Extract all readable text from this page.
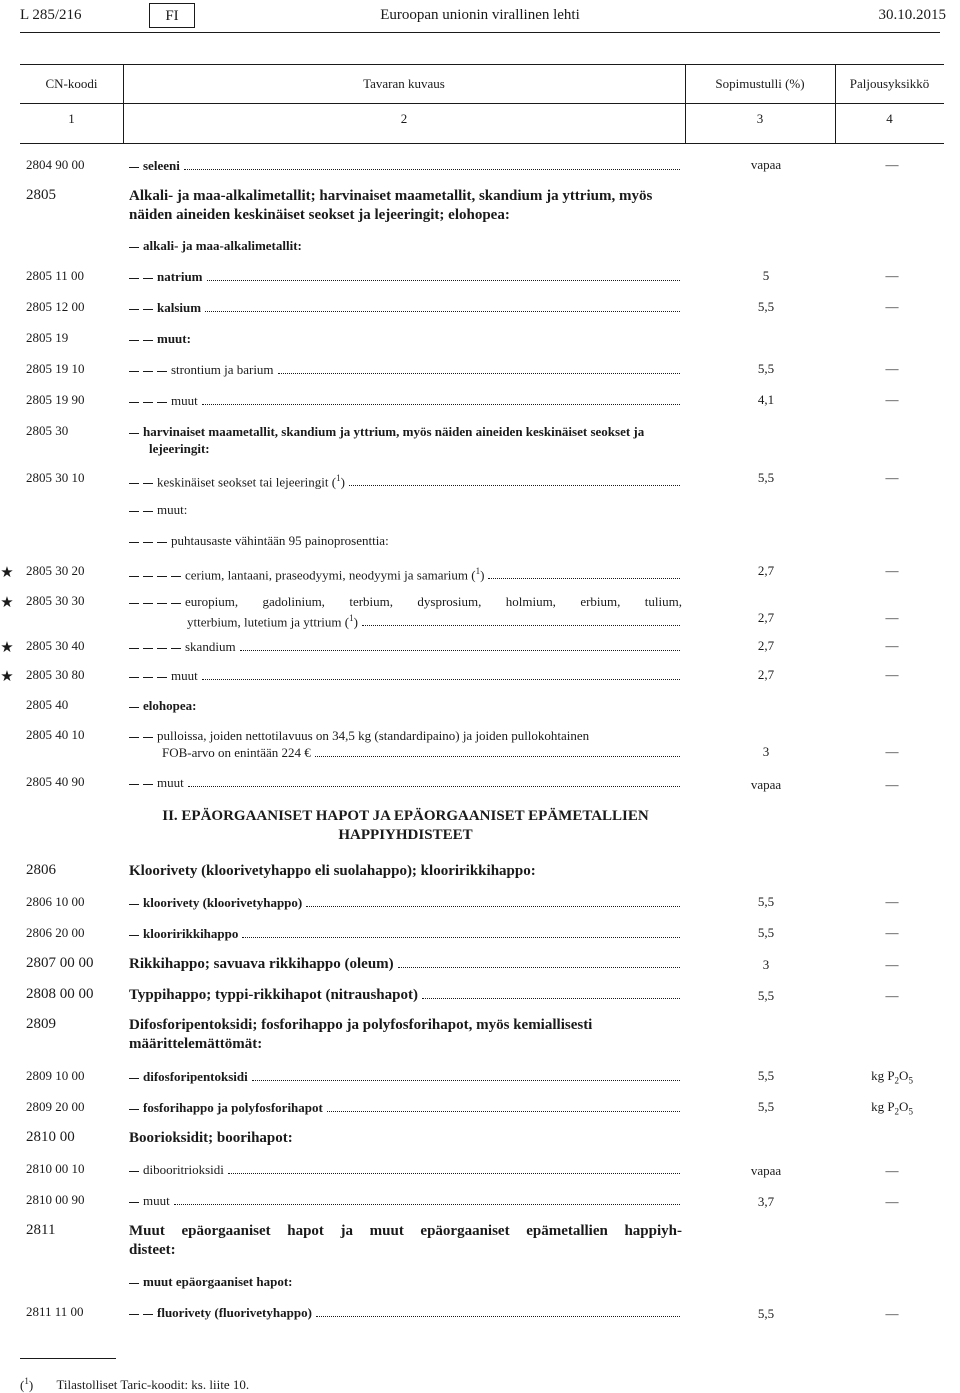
L 285/216	FI	Euroopan unionin virallinen lehti	30.10.2015
CN-koodi	Tavaran kuvaus	Sopimustulli (%)	Paljousyksikkö
1	2	3	4
2804 90 00	seleeni	vapaa	—
2805	Alkali- ja maa-alkalimetallit; harvinaiset maametallit, skandium ja yttrium, myös näiden aineiden keskinäiset seokset ja lejeeringit; elohopea:
alkali- ja maa-alkalimetallit:
2805 11 00	natrium	5	—
2805 12 00	kalsium	5,5	—
2805 19	muut:
2805 19 10	strontium ja barium	5,5	—
2805 19 90	muut	4,1	—
2805 30	harvinaiset maametallit, skandium ja yttrium, myös näiden aineiden keskinäiset seokset ja lejeeringit:
2805 30 10	keskinäiset seokset tai lejeeringit ($^1$)	5,5	—
muut:
puhtausaste vähintään 95 painoprosenttia:
★ 2805 30 20	cerium, lantaani, praseodyymi, neodyymi ja samarium ($^1$)	2,7	—
★ 2805 30 30	europium, gadolinium, terbium, dysprosium, holmium, erbium, tulium,
ytterbium, lutetium ja yttrium ($^1$)	2,7	—
★ 2805 30 40	skandium	2,7	—
★ 2805 30 80	muut	2,7	—
2805 40	elohopea:
2805 40 10	pulloissa, joiden nettotilavuus on 34,5 kg (standardipaino) ja joiden pullokohtainen
FOB-arvo on enintään 224 €	3	—
2805 40 90	muut	vapaa	—
II. EPÄORGAANISET HAPOT JA EPÄORGAANISET EPÄMETALLIEN
HAPPIYHDISTEET
2806	Kloorivety (kloorivetyhappo eli suolahappo); klooririkkihappo:
2806 10 00	kloorivety (kloorivetyhappo)	5,5	—
2806 20 00	klooririkkihappo	5,5	—
2807 00 00 Rikkihappo; savuava rikkihappo (oleum)	3	—
2808 00 00 Typpihappo; typpi-rikkihapot (nitraushapot)	5,5	—
2809	Difosforipentoksidi; fosforihappo ja polyfosforihapot, myös kemiallisesti määrittelemättömät:
2809 10 00	difosforipentoksidi	5,5	kg $P_2O_5$
2809 20 00	fosforihappo ja polyfosforihapot	5,5	kg $P_2O_5$
2810 00	Boorioksidit; boorihapot:
2810 00 10	dibooritrioksidi	vapaa	—
2810 00 90	muut	3,7	—
2811	Muut epäorgaaniset hapot ja muut epäorgaaniset epämetallien happiyh-
disteet:
muut epäorgaaniset hapot:
2811 11 00	fluorivety (fluorivetyhappo)	5,5	—
($^1$) Tilastolliset Taric-koodit: ks. liite 10.
